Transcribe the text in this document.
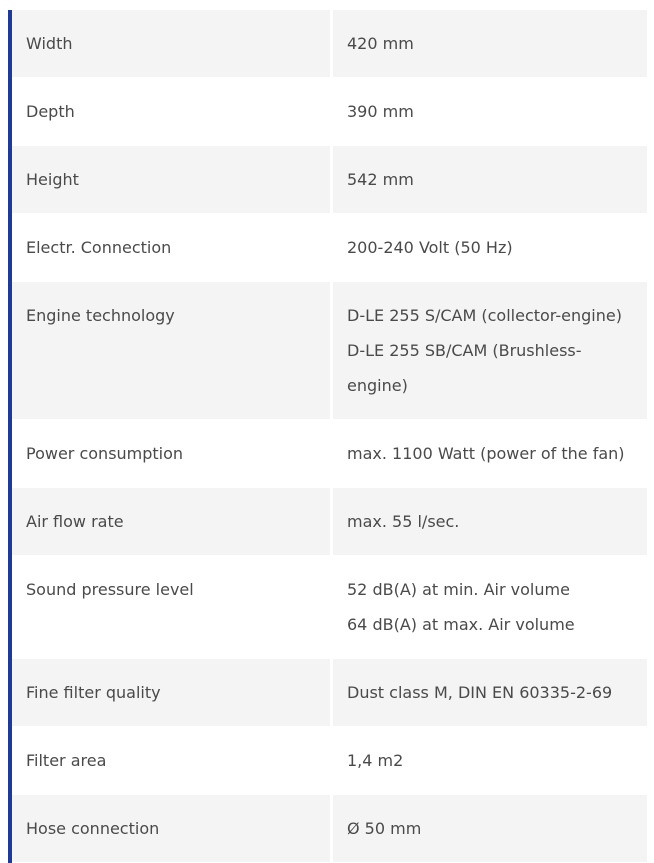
Width	420 mm
Depth	390 mm
Height	542 mm
Electr. Connection	200-240 Volt (50 Hz)
Engine technology	D-LE 255 S/CAM (collector-engine)
D-LE 255 SB/CAM (Brushless-
engine)
Power consumption	max. 1100 Watt (power of the fan)
Air flow rate	max. 55 l/sec.
Sound pressure level	52 dB(A) at min. Air volume
64 dB(A) at max. Air volume
Fine filter quality	Dust class M, DIN EN 60335-2-69
Filter area	1,4 m2
Hose connection	Ø 50 mm
